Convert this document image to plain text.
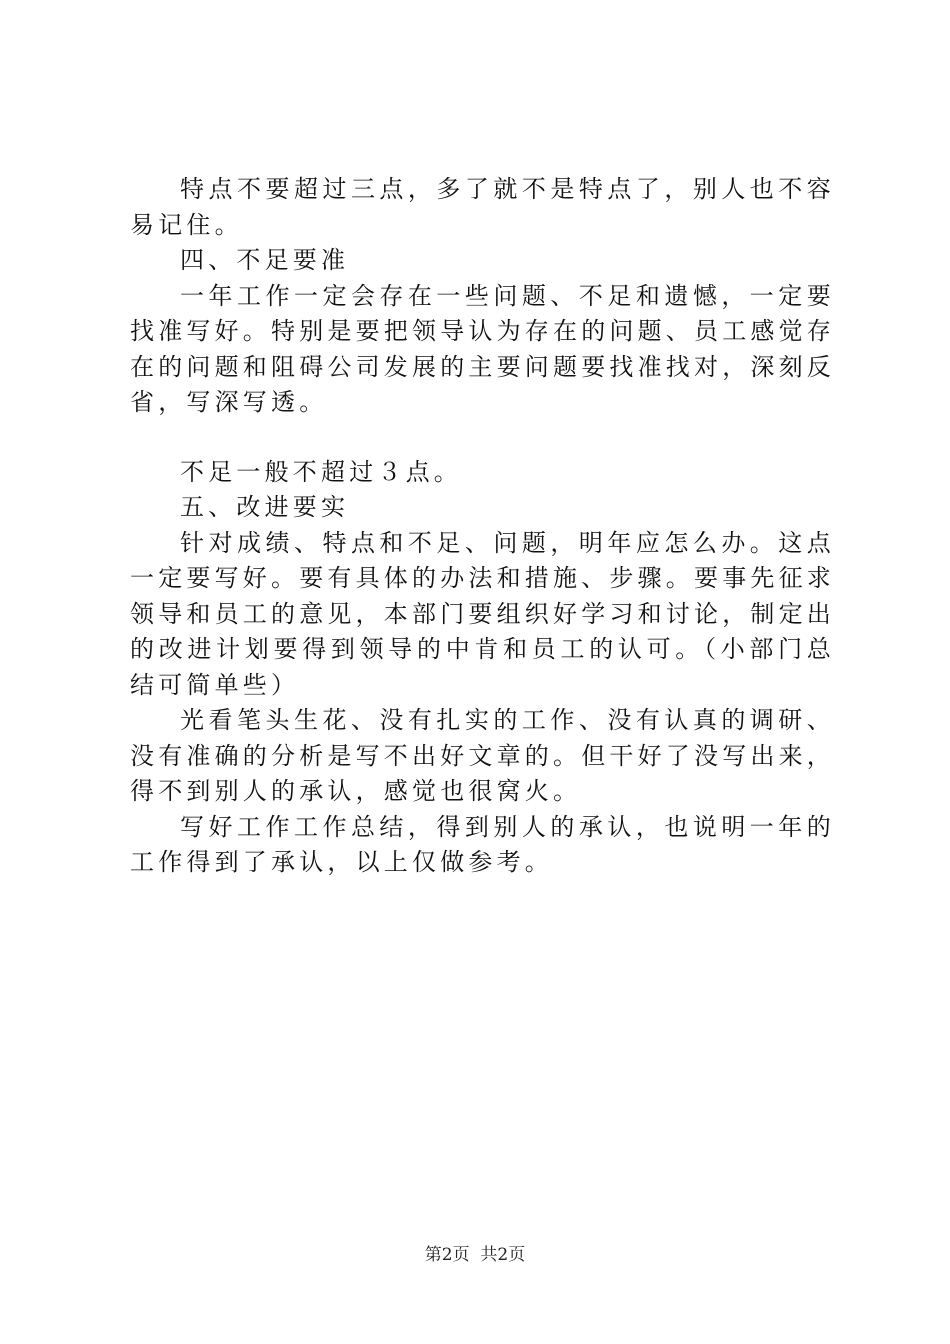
特点不要超过三点，多了就不是特点了，别人也不容易记住。

四、不足要准

一年工作一定会存在一些问题、不足和遗憾，一定要找准写好。特别是要把领导认为存在的问题、员工感觉存在的问题和阻碍公司发展的主要问题要找准找对，深刻反省，写深写透。

不足一般不超过３点。

五、改进要实

针对成绩、特点和不足、问题，明年应怎么办。这点一定要写好。要有具体的办法和措施、步骤。要事先征求领导和员工的意见，本部门要组织好学习和讨论，制定出的改进计划要得到领导的中肯和员工的认可。（小部门总结可简单些）

光看笔头生花、没有扎实的工作、没有认真的调研、没有准确的分析是写不出好文章的。但干好了没写出来，得不到别人的承认，感觉也很窝火。

写好工作工作总结，得到别人的承认，也说明一年的工作得到了承认，以上仅做参考。

第2页  共2页
